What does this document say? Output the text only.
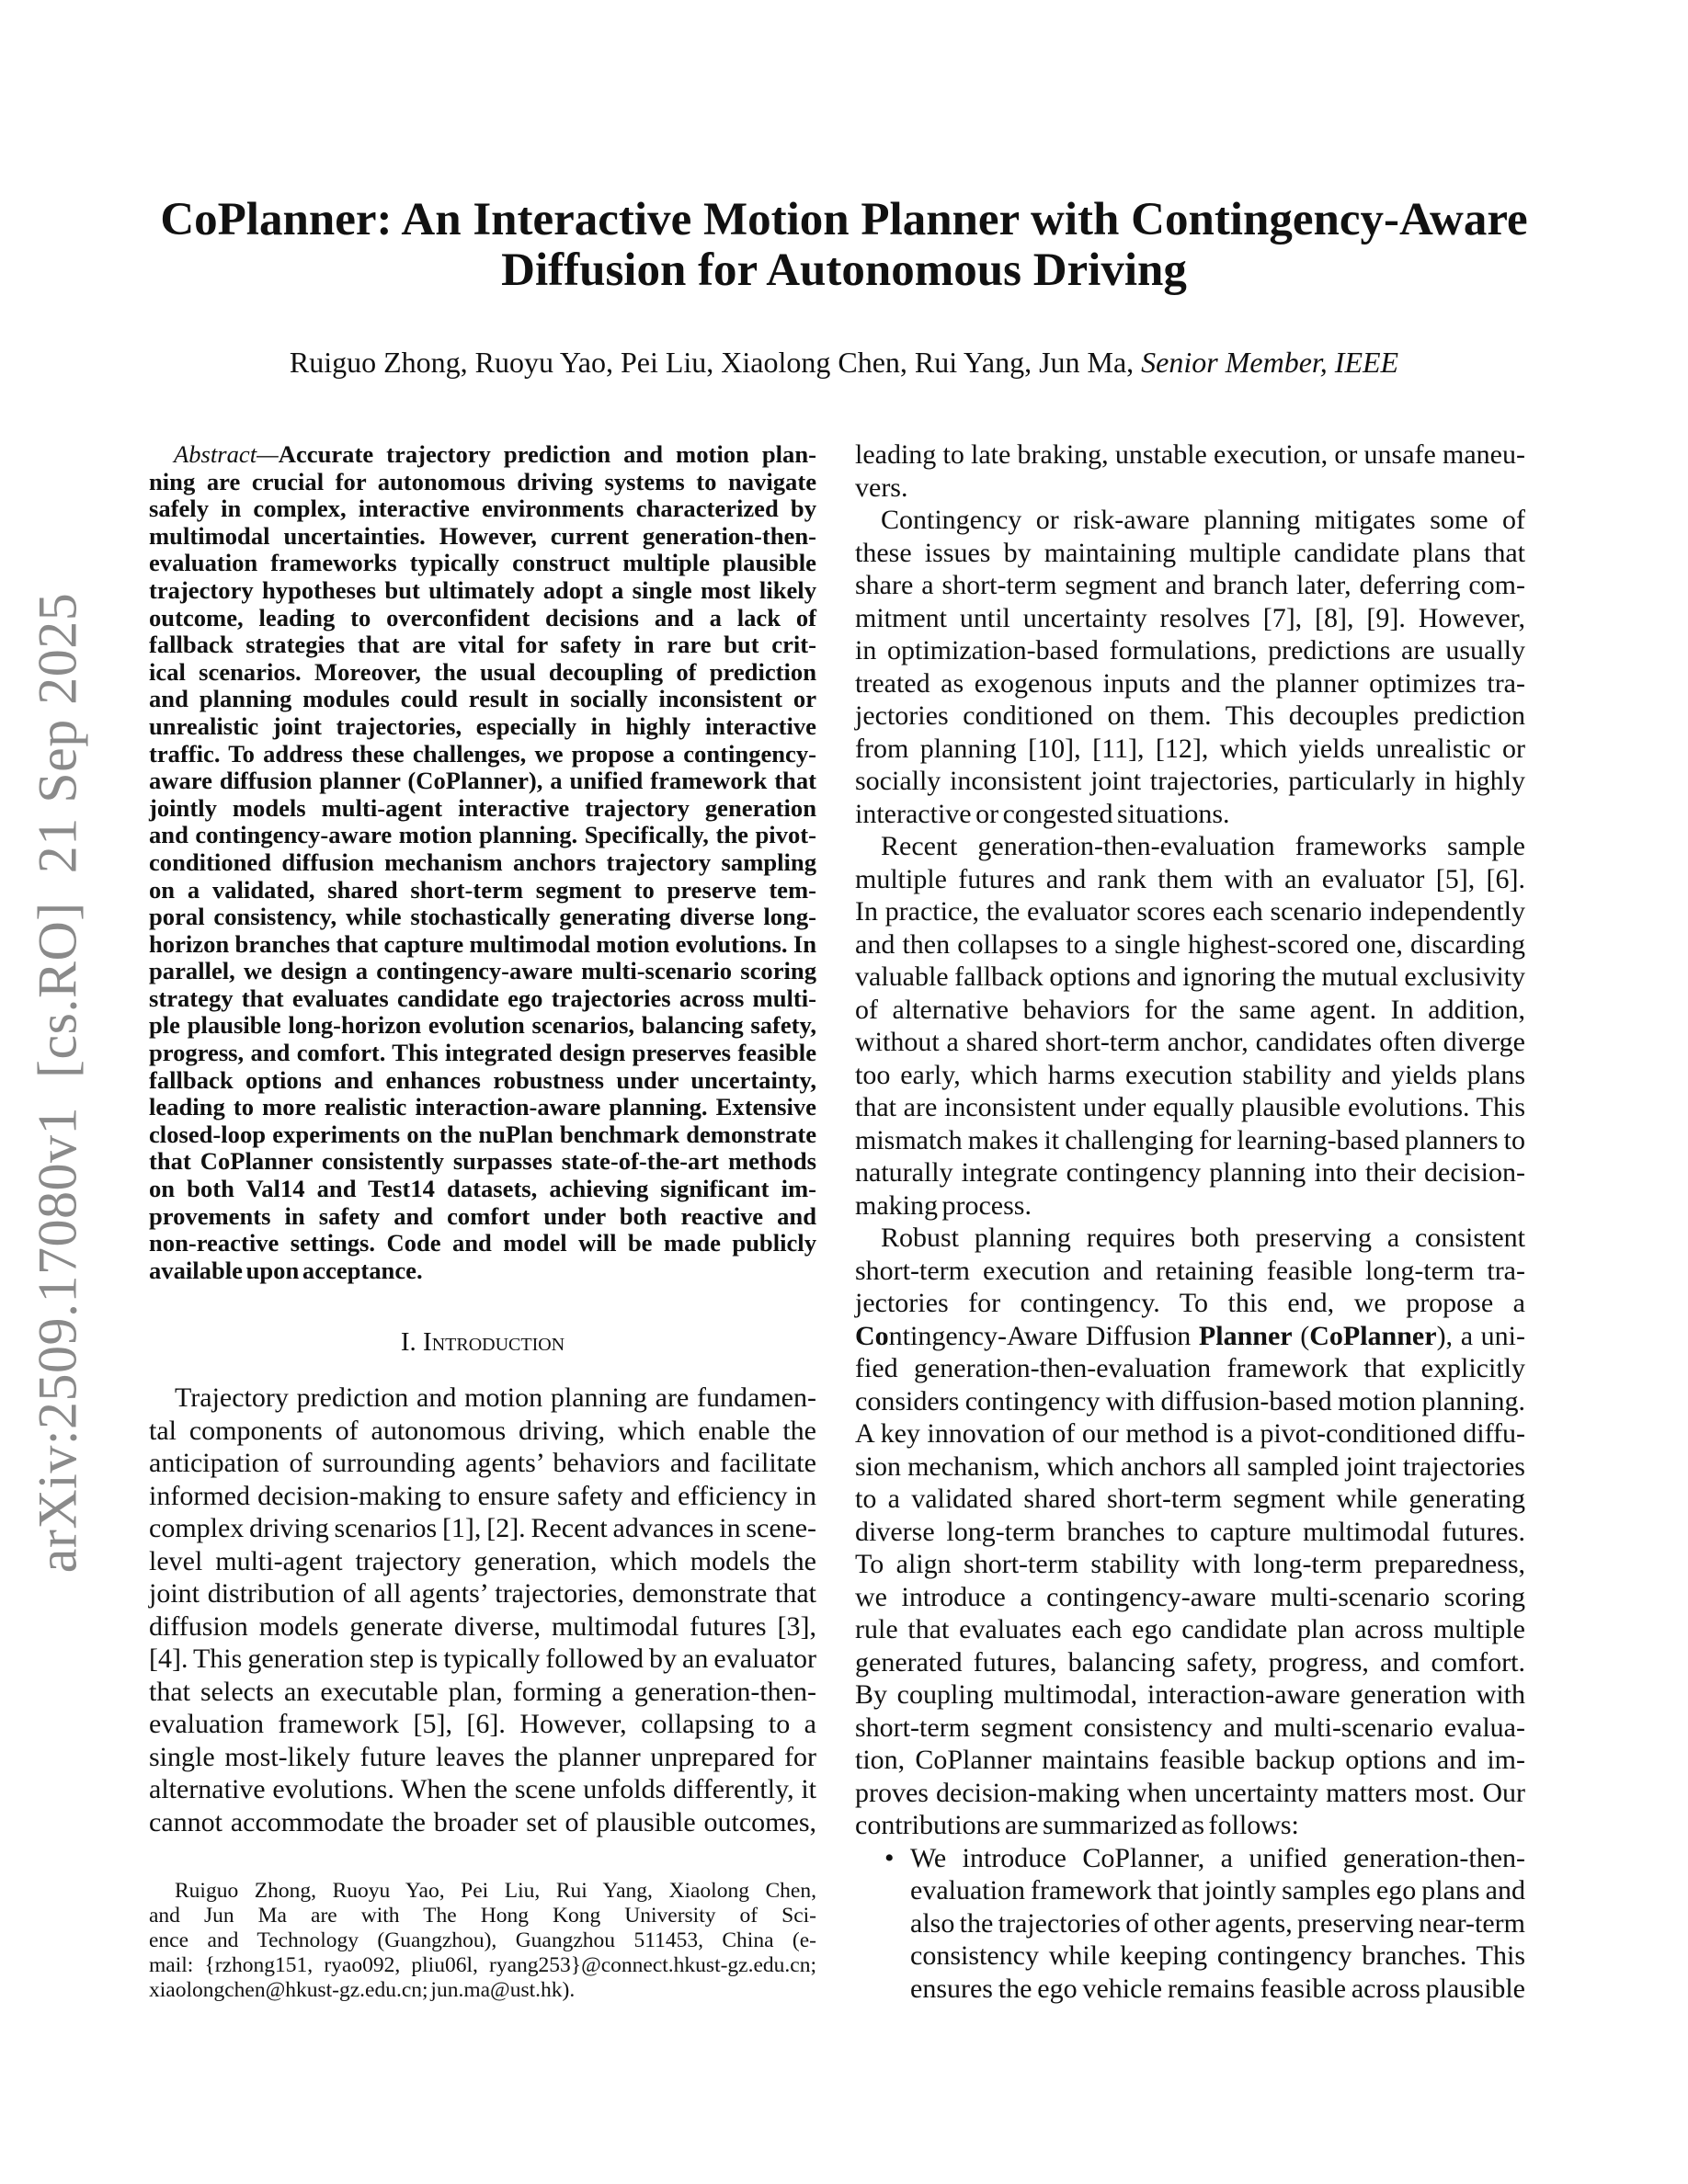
arXiv:2509.17080v1  [cs.RO]  21 Sep 2025
CoPlanner: An Interactive Motion Planner with Contingency-Aware
Diffusion for Autonomous Driving
Ruiguo Zhong, Ruoyu Yao, Pei Liu, Xiaolong Chen, Rui Yang, Jun Ma, Senior Member, IEEE
Abstract—Accurate trajectory prediction and motion plan-
ning are crucial for autonomous driving systems to navigate
safely in complex, interactive environments characterized by
multimodal uncertainties. However, current generation-then-
evaluation frameworks typically construct multiple plausible
trajectory hypotheses but ultimately adopt a single most likely
outcome, leading to overconfident decisions and a lack of
fallback strategies that are vital for safety in rare but crit-
ical scenarios. Moreover, the usual decoupling of prediction
and planning modules could result in socially inconsistent or
unrealistic joint trajectories, especially in highly interactive
traffic. To address these challenges, we propose a contingency-
aware diffusion planner (CoPlanner), a unified framework that
jointly models multi-agent interactive trajectory generation
and contingency-aware motion planning. Specifically, the pivot-
conditioned diffusion mechanism anchors trajectory sampling
on a validated, shared short-term segment to preserve tem-
poral consistency, while stochastically generating diverse long-
horizon branches that capture multimodal motion evolutions. In
parallel, we design a contingency-aware multi-scenario scoring
strategy that evaluates candidate ego trajectories across multi-
ple plausible long-horizon evolution scenarios, balancing safety,
progress, and comfort. This integrated design preserves feasible
fallback options and enhances robustness under uncertainty,
leading to more realistic interaction-aware planning. Extensive
closed-loop experiments on the nuPlan benchmark demonstrate
that CoPlanner consistently surpasses state-of-the-art methods
on both Val14 and Test14 datasets, achieving significant im-
provements in safety and comfort under both reactive and
non-reactive settings. Code and model will be made publicly
available upon acceptance.
I. Introduction
Trajectory prediction and motion planning are fundamen-
tal components of autonomous driving, which enable the
anticipation of surrounding agents’ behaviors and facilitate
informed decision-making to ensure safety and efficiency in
complex driving scenarios [1], [2]. Recent advances in scene-
level multi-agent trajectory generation, which models the
joint distribution of all agents’ trajectories, demonstrate that
diffusion models generate diverse, multimodal futures [3],
[4]. This generation step is typically followed by an evaluator
that selects an executable plan, forming a generation-then-
evaluation framework [5], [6]. However, collapsing to a
single most-likely future leaves the planner unprepared for
alternative evolutions. When the scene unfolds differently, it
cannot accommodate the broader set of plausible outcomes,
Ruiguo Zhong, Ruoyu Yao, Pei Liu, Rui Yang, Xiaolong Chen,
and Jun Ma are with The Hong Kong University of Sci-
ence and Technology (Guangzhou), Guangzhou 511453, China (e-
mail: {rzhong151, ryao092, pliu06l, ryang253}@connect.hkust-gz.edu.cn;
xiaolongchen@hkust-gz.edu.cn; jun.ma@ust.hk).
leading to late braking, unstable execution, or unsafe maneu-
vers.
Contingency or risk-aware planning mitigates some of
these issues by maintaining multiple candidate plans that
share a short-term segment and branch later, deferring com-
mitment until uncertainty resolves [7], [8], [9]. However,
in optimization-based formulations, predictions are usually
treated as exogenous inputs and the planner optimizes tra-
jectories conditioned on them. This decouples prediction
from planning [10], [11], [12], which yields unrealistic or
socially inconsistent joint trajectories, particularly in highly
interactive or congested situations.
Recent generation-then-evaluation frameworks sample
multiple futures and rank them with an evaluator [5], [6].
In practice, the evaluator scores each scenario independently
and then collapses to a single highest-scored one, discarding
valuable fallback options and ignoring the mutual exclusivity
of alternative behaviors for the same agent. In addition,
without a shared short-term anchor, candidates often diverge
too early, which harms execution stability and yields plans
that are inconsistent under equally plausible evolutions. This
mismatch makes it challenging for learning-based planners to
naturally integrate contingency planning into their decision-
making process.
Robust planning requires both preserving a consistent
short-term execution and retaining feasible long-term tra-
jectories for contingency. To this end, we propose a
Contingency-Aware Diffusion Planner (CoPlanner), a uni-
fied generation-then-evaluation framework that explicitly
considers contingency with diffusion-based motion planning.
A key innovation of our method is a pivot-conditioned diffu-
sion mechanism, which anchors all sampled joint trajectories
to a validated shared short-term segment while generating
diverse long-term branches to capture multimodal futures.
To align short-term stability with long-term preparedness,
we introduce a contingency-aware multi-scenario scoring
rule that evaluates each ego candidate plan across multiple
generated futures, balancing safety, progress, and comfort.
By coupling multimodal, interaction-aware generation with
short-term segment consistency and multi-scenario evalua-
tion, CoPlanner maintains feasible backup options and im-
proves decision-making when uncertainty matters most. Our
contributions are summarized as follows:
• We introduce CoPlanner, a unified generation-then-
evaluation framework that jointly samples ego plans and
also the trajectories of other agents, preserving near-term
consistency while keeping contingency branches. This
ensures the ego vehicle remains feasible across plausible
